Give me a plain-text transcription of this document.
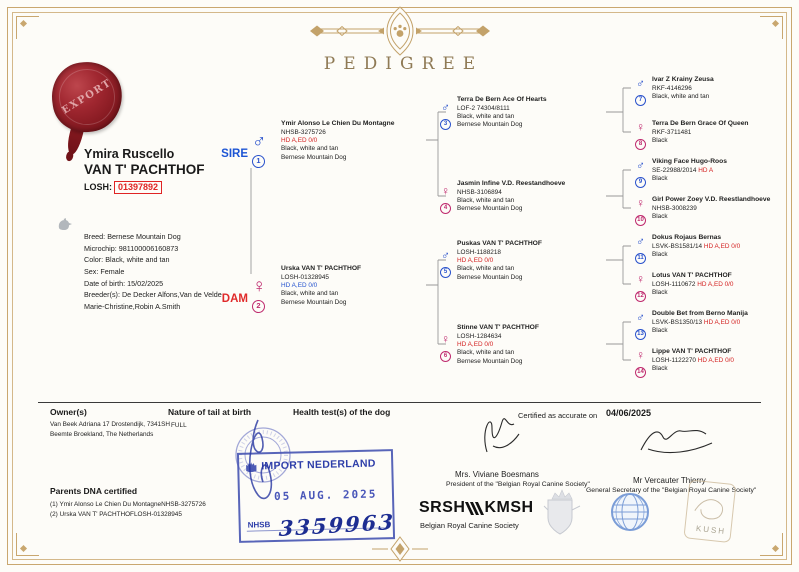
PEDIGREE
EXPORT
Ymira Ruscello
VAN T' PACHTHOF
LOSH: 01397892
Breed: Bernese Mountain Dog
Microchip: 981100006160873
Color: Black, white and tan
Sex: Female
Date of birth: 15/02/2025
Breeder(s): De Decker Alfons,Van de Velde Marie-Christine,Robin A.Smith
SIRE
DAM
♂
1
♀
2
♂
3
♀
4
♂
5
♀
6
♂
7
♀
8
♂
9
♀
10
♂
11
♀
12
♂
13
♀
14
Ymir Alonso Le Chien Du Montagne
NHSB-3275726
HD A,ED 0/0
Black, white and tan
Bernese Mountain Dog
Urska VAN T' PACHTHOF
LOSH-01328945
HD A,ED 0/0
Black, white and tan
Bernese Mountain Dog
Terra De Bern Ace Of Hearts
LOF-2 74304/8111
Black, white and tan
Bernese Mountain Dog
Jasmin Infine V.D. Reestandhoeve
NHSB-3106894
Black, white and tan
Bernese Mountain Dog
Puskas VAN T' PACHTHOF
LOSH-1188218
HD A,ED 0/0
Black, white and tan
Bernese Mountain Dog
Stinne VAN T' PACHTHOF
LOSH-1284634
HD A,ED 0/0
Black, white and tan
Bernese Mountain Dog
Ivar Z Krainy Zeusa
RKF-4146296
Black, white and tan
Terra De Bern Grace Of Queen
RKF-3711481
Black
Viking Face Hugo-Roos
SE-22988/2014 HD A
Black
Girl Power Zoey V.D. Reestlandhoeve
NHSB-3008239
Black
Dokus Rojaus Bernas
LSVK-BS1581/14 HD A,ED 0/0
Black
Lotus VAN T' PACHTHOF
LOSH-1110672 HD A,ED 0/0
Black
Double Bet from Berno Manija
LSVK-BS1350/13 HD A,ED 0/0
Black
Lippe VAN T' PACHTHOF
LOSH-1122270 HD A,ED 0/0
Black
Owner(s)
Van Beek Adriana 17 Drostendijk, 7341SH
Beemte Broekland, The Netherlands
Nature of tail at birth
FULL
Health test(s) of the dog	Certified as accurate on 04/06/2025
Parents DNA certified
(1) Ymir Alonso Le Chien Du MontagneNHSB-3275726
(2) Urska VAN T' PACHTHOFLOSH-01328945
Mrs. Viviane Boesmans
President of the "Belgian Royal Canine Society"	Mr Vercauter Thierry
General Secretary of the "Belgian Royal Canine Society"
IMPORT NEDERLAND
05 AUG. 2025
NHSB 3359963
SRSH KMSH
Belgian Royal Canine Society	KUSH
